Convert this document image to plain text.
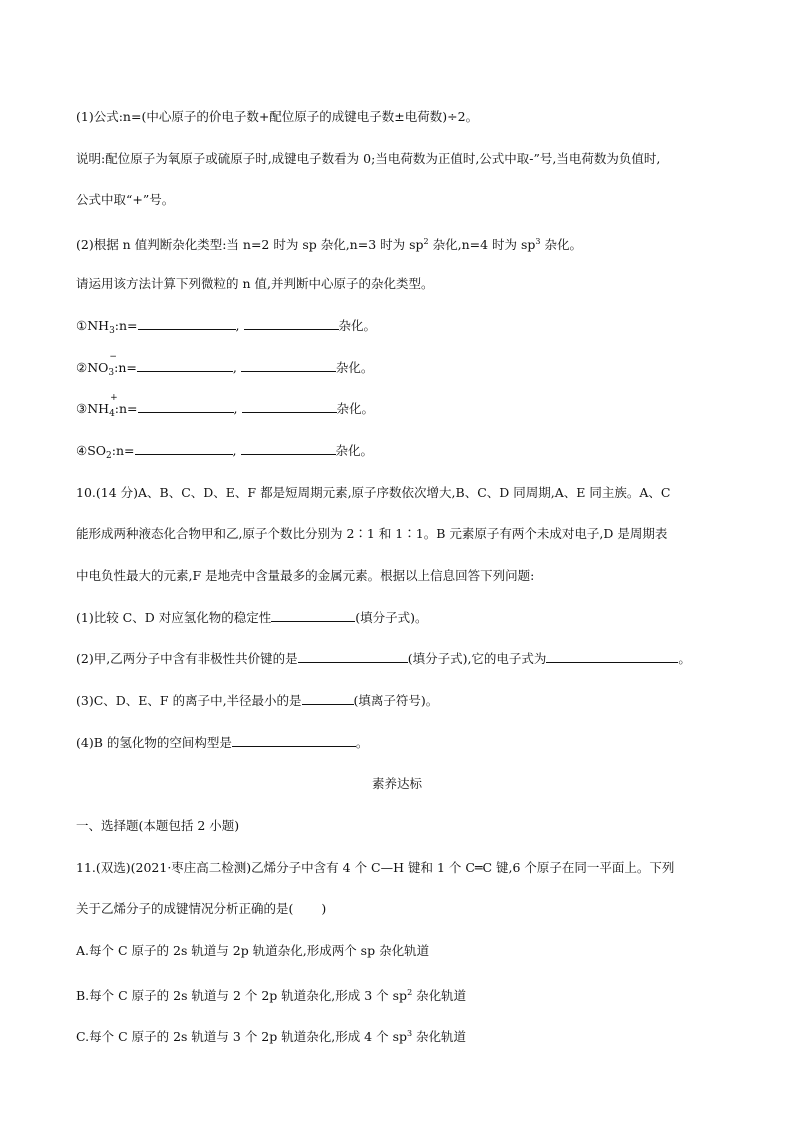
(1)公式:n=(中心原子的价电子数+配位原子的成键电子数±电荷数)÷2。
说明:配位原子为氧原子或硫原子时,成键电子数看为 0;当电荷数为正值时,公式中取-”号,当电荷数为负值时,
公式中取“+”号。
(2)根据 n 值判断杂化类型:当 n=2 时为 sp 杂化,n=3 时为 $sp^2$ 杂化,n=4 时为 $sp^3$ 杂化。
请运用该方法计算下列微粒的 n 值,并判断中心原子的杂化类型。
$①NH_3:n=$	,	杂化。
②NO
−
$_3$:n=	,	杂化。
③NH
+
$_4$:n=	,	杂化。
$④SO_2:n=$	,	杂化。
10.(14 分)A、B、C、D、E、F 都是短周期元素,原子序数依次增大,B、C、D 同周期,A、E 同主族。A、C
能形成两种液态化合物甲和乙,原子个数比分别为 2∶1 和 1∶1。B 元素原子有两个未成对电子,D 是周期表
中电负性最大的元素,F 是地壳中含量最多的金属元素。根据以上信息回答下列问题:
(1)比较 C、D 对应氢化物的稳定性	(填分子式)。
(2)甲,乙两分子中含有非极性共价键的是	(填分子式),它的电子式为	。
(3)C、D、E、F 的离子中,半径最小的是	(填离子符号)。
(4)B 的氢化物的空间构型是	。
素养达标
一、选择题(本题包括 2 小题)
11.(双选)(2021·枣庄高二检测)乙烯分子中含有 4 个 C—H 键和 1 个 C═C 键,6 个原子在同一平面上。下列
关于乙烯分子的成键情况分析正确的是( )
A.每个 C 原子的 2s 轨道与 2p 轨道杂化,形成两个 sp 杂化轨道
B.每个 C 原子的 2s 轨道与 2 个 2p 轨道杂化,形成 3 个 $sp^2$ 杂化轨道
C.每个 C 原子的 2s 轨道与 3 个 2p 轨道杂化,形成 4 个 $sp^3$ 杂化轨道
